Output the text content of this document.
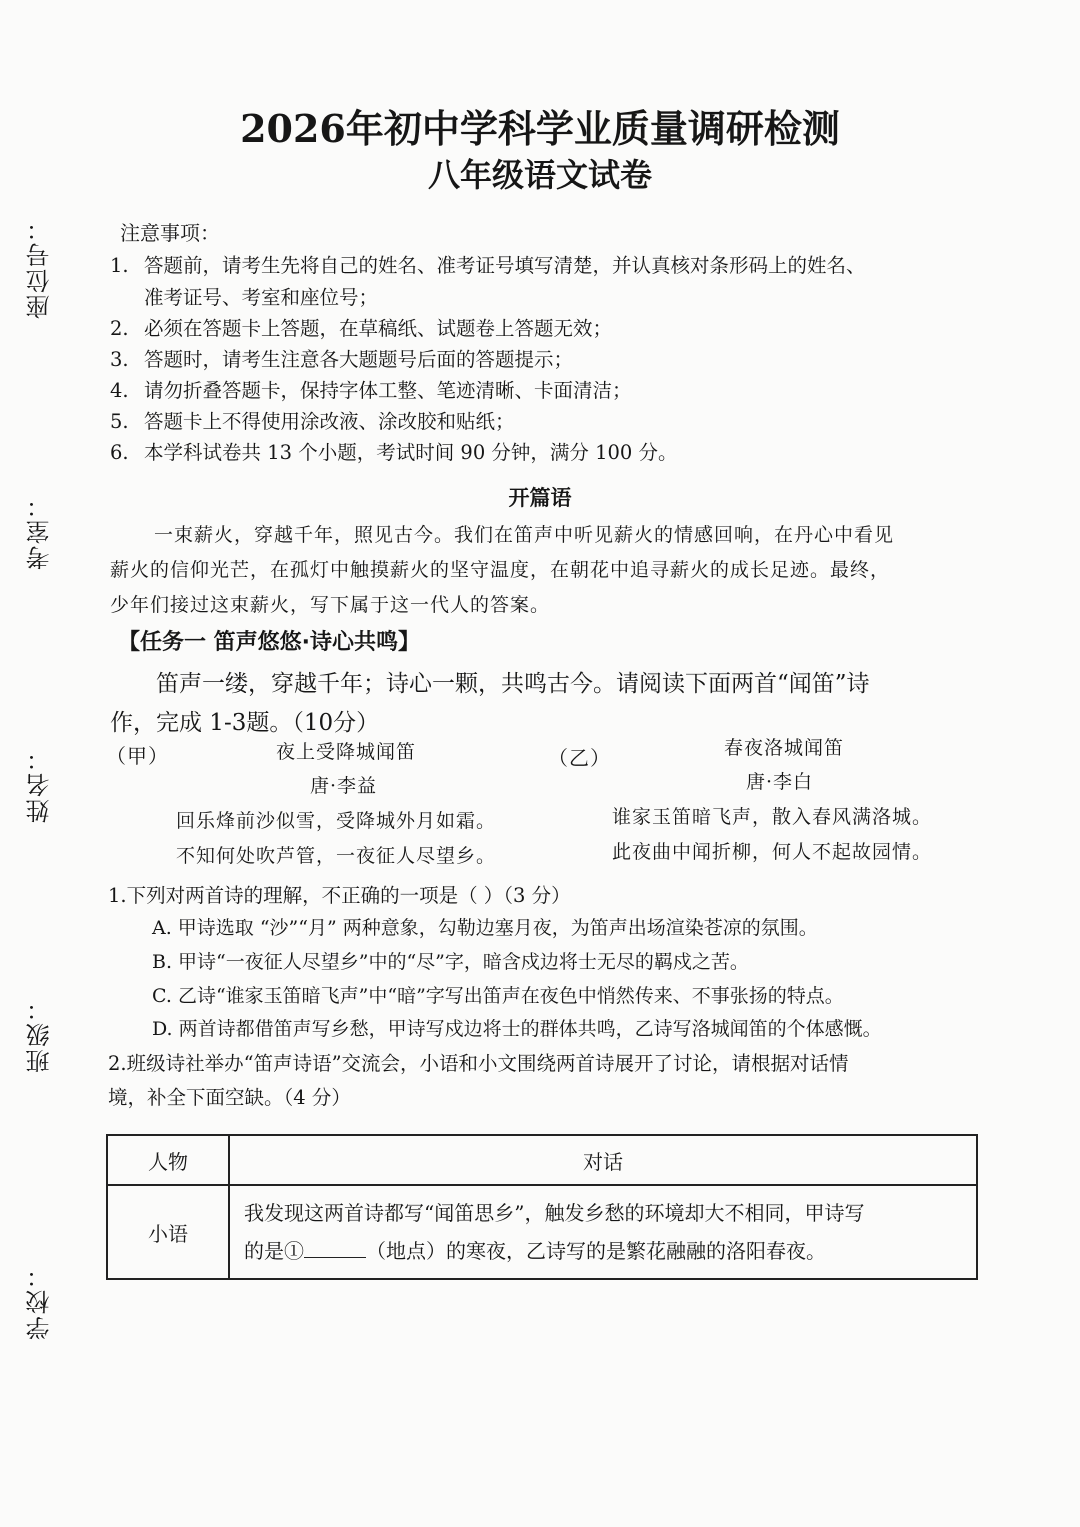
座位号：
考室：
姓名：
班级：
学校：
2026年初中学科学业质量调研检测
八年级语文试卷
注意事项：
1. 答题前，请考生先将自己的姓名、准考证号填写清楚，并认真核对条形码上的姓名、
准考证号、考室和座位号；
2. 必须在答题卡上答题，在草稿纸、试题卷上答题无效；
3. 答题时，请考生注意各大题题号后面的答题提示；
4. 请勿折叠答题卡，保持字体工整、笔迹清晰、卡面清洁；
5. 答题卡上不得使用涂改液、涂改胶和贴纸；
6. 本学科试卷共 13 个小题，考试时间 90 分钟，满分 100 分。
开篇语
一束薪火，穿越千年，照见古今。我们在笛声中听见薪火的情感回响，在丹心中看见
薪火的信仰光芒，在孤灯中触摸薪火的坚守温度，在朝花中追寻薪火的成长足迹。最终，
少年们接过这束薪火，写下属于这一代人的答案。
【任务一 笛声悠悠·诗心共鸣】
笛声一缕，穿越千年；诗心一颗，共鸣古今。请阅读下面两首“闻笛”诗
作，完成 1-3题。（10分）
（甲）	夜上受降城闻笛
唐·李益
回乐烽前沙似雪，受降城外月如霜。
不知何处吹芦管，一夜征人尽望乡。
（乙）	春夜洛城闻笛
唐·李白
谁家玉笛暗飞声，散入春风满洛城。
此夜曲中闻折柳，何人不起故园情。
1.下列对两首诗的理解，不正确的一项是（ ）（3 分）
A. 甲诗选取 “沙”“月” 两种意象，勾勒边塞月夜，为笛声出场渲染苍凉的氛围。
B. 甲诗“一夜征人尽望乡”中的“尽”字，暗含戍边将士无尽的羁戍之苦。
C. 乙诗“谁家玉笛暗飞声”中“暗”字写出笛声在夜色中悄然传来、不事张扬的特点。
D. 两首诗都借笛声写乡愁，甲诗写戍边将士的群体共鸣，乙诗写洛城闻笛的个体感慨。
2.班级诗社举办“笛声诗语”交流会，小语和小文围绕两首诗展开了讨论，请根据对话情
境，补全下面空缺。（4 分）
人物	对话
小语	我发现这两首诗都写“闻笛思乡”，触发乡愁的环境却大不相同，甲诗写
的是① （地点）的寒夜，乙诗写的是繁花融融的洛阳春夜。
